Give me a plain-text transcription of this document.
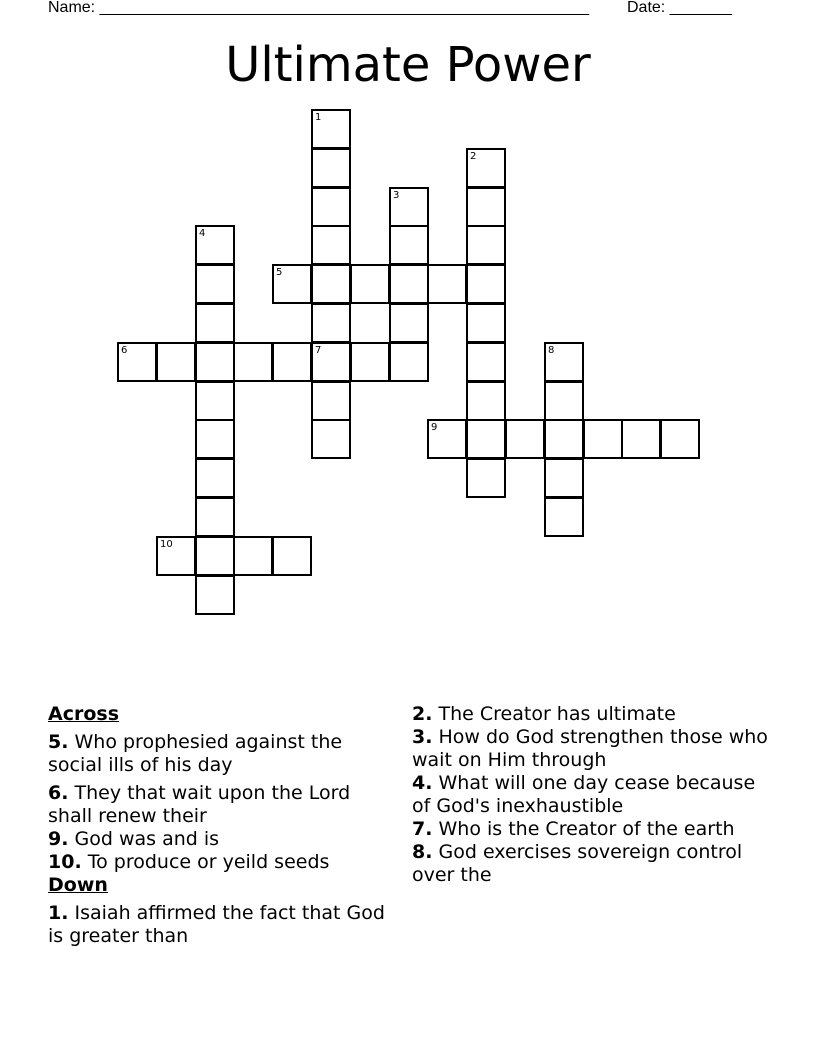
Name: _______________________________________________________ Date: _______
Ultimate Power
1
7
2
3
4
5
6	8
9
10
Across
5. Who prophesied against the social ills of his day
6. They that wait upon the Lord shall renew their
9. God was and is
10. To produce or yeild seeds
Down
1. Isaiah affirmed the fact that God is greater than
2. The Creator has ultimate
3. How do God strengthen those who wait on Him through
4. What will one day cease because of God's inexhaustible
7. Who is the Creator of the earth
8. God exercises sovereign control over the
